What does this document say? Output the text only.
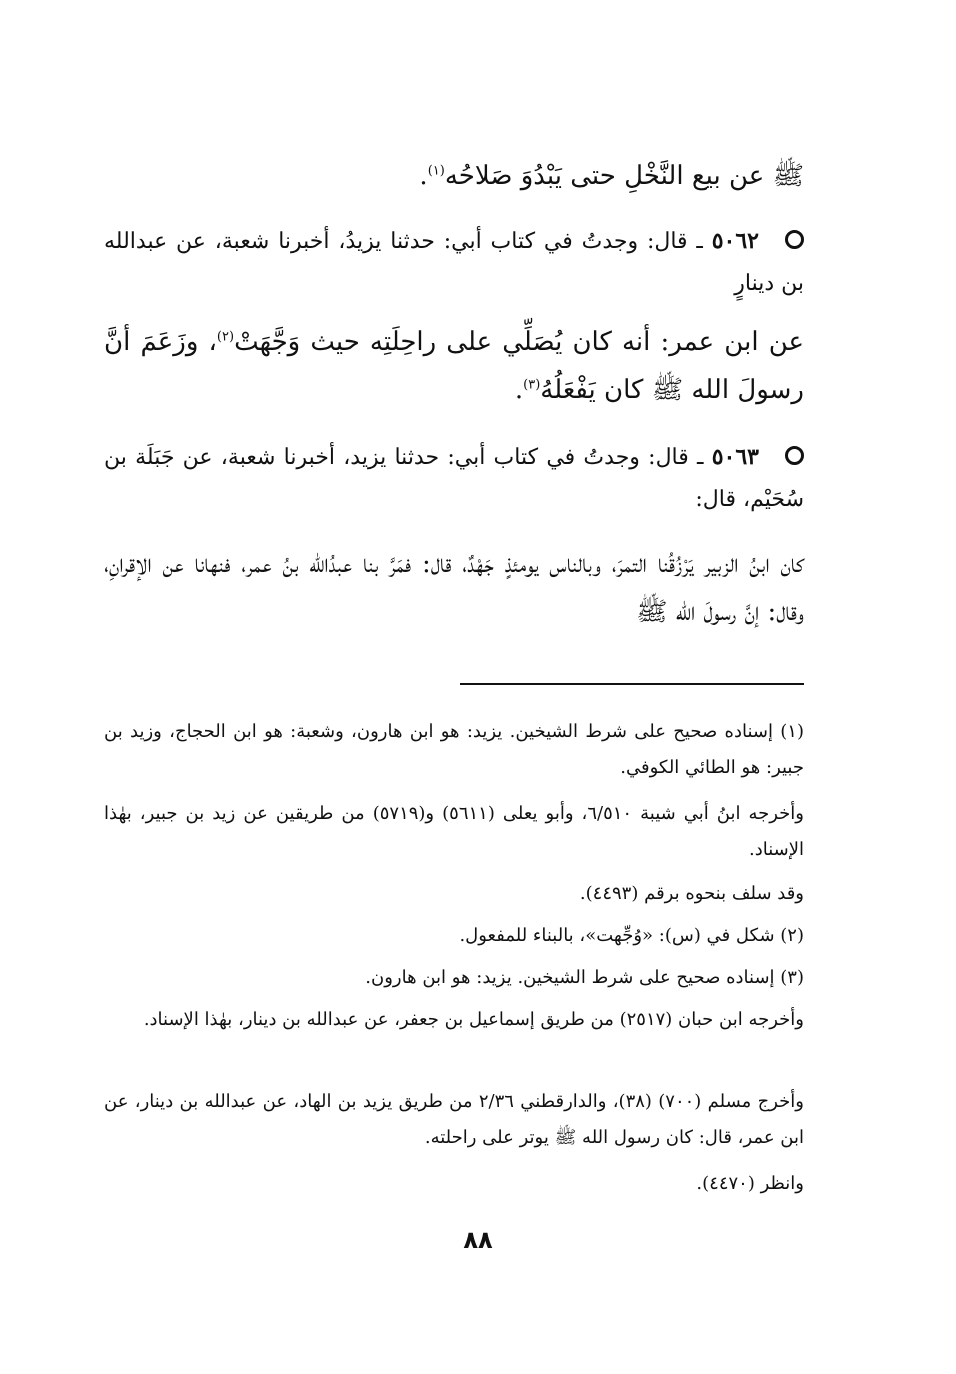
ﷺ عن بيع النَّخْلِ حتى يَبْدُوَ صَلاحُه$^{(١)}$.
٥٠٦٢ ـ قال: وجدتُ في كتاب أبي: حدثنا يزيدُ، أخبرنا شعبة، عن عبدالله بن دينارٍ
عن ابن عمر: أنه كان يُصَلِّي على راحِلَتِه حيث وَجَّهَتْ$^{(٢)}$، وزَعَمَ أنَّ رسولَ الله ﷺ كان يَفْعَلُهُ$^{(٣)}$.
٥٠٦٣ ـ قال: وجدتُ في كتاب أبي: حدثنا يزيد، أخبرنا شعبة، عن جَبَلَة بن سُحَيْم، قال:
كان ابنُ الزبير يَرْزُقُنا التمرَ، وبالناس يومئذٍ جَهْدٌ، قال: فمَرَّ بنا عبدُالله بنُ عمر، فنهانا عن الإقرانِ، وقال: إنَّ رسولَ الله ﷺ
(١) إسناده صحيح على شرط الشيخين. يزيد: هو ابن هارون، وشعبة: هو ابن الحجاج، وزيد بن جبير: هو الطائي الكوفي.
وأخرجه ابنُ أبي شيبة ٦/٥١٠، وأبو يعلى (٥٦١١) و(٥٧١٩) من طريقين عن زيد بن جبير، بهٰذا الإسناد.
وقد سلف بنحوه برقم (٤٤٩٣).
(٢) شكل في (س): «وُجِّهت»، بالبناء للمفعول.
(٣) إسناده صحيح على شرط الشيخين. يزيد: هو ابن هارون.
وأخرجه ابن حبان (٢٥١٧) من طريق إسماعيل بن جعفر، عن عبدالله بن دينار، بهٰذا الإسناد.
وأخرج مسلم (٧٠٠) (٣٨)، والدارقطني ٢/٣٦ من طريق يزيد بن الهاد، عن عبدالله بن دينار، عن ابن عمر، قال: كان رسول الله ﷺ يوتر على راحلته.
وانظر (٤٤٧٠).
٨٨
